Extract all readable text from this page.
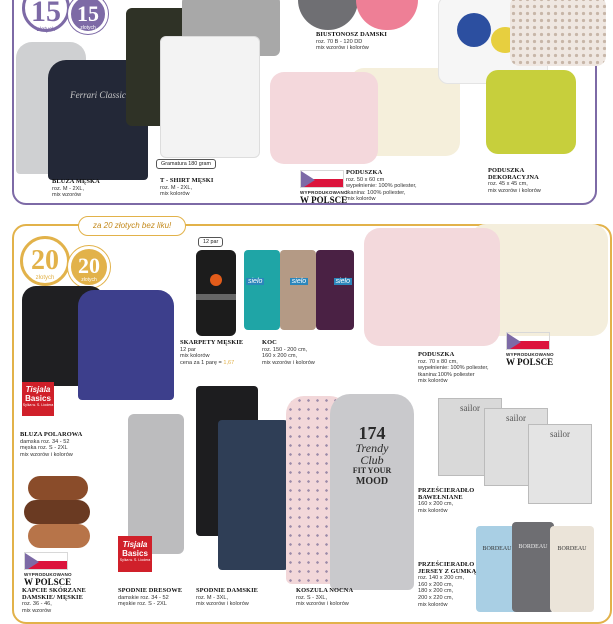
15
złotych
15
złotych
Ferrari Classic
BLUZA MĘSKA
roz. M - 2XL,
mix wzorów
Gramatura 180 gram
T - SHIRT MĘSKI
roz. M - 2XL,
mix kolorów
BIUSTONOSZ DAMSKI
roz. 70 B - 120 DD
mix wzorów i kolorów
WYPRODUKOWANO
W POLSCE
PODUSZKA
roz. 50 x 60 cm
wypełnienie: 100% poliester,
tkanina: 100% poliester,
mix kolorów
PODUSZKA DEKORACYJNA
roz. 45 x 45 cm,
mix wzorów i kolorów
za 20 złotych bez liku!
20
złotych	20
złotych
Tisjala
Basics
Sylka w. S. Liodera
BLUZA POLAROWA
damska roz. 34 - 52
męska roz. S - 2XL
mix wzorów i kolorów
WYPRODUKOWANO
W POLSCE
KAPCIE SKÓRZANE DAMSKIE/ MĘSKIE
roz. 36 - 46,
mix wzorów
Tisjala
Basics
Sylka w. S. Liodera
SPODNIE DRESOWE
damskie roz. 34 - 52
męskie roz. S - 2XL
SPODNIE DAMSKIE
roz. M - 3XL,
mix wzorów i kolorów
12 par
SKARPETY MĘSKIE
12 par
mix kolorów
cena za 1 parę = 1,67
sielo	sielo	sielo
KOC
roz. 150 - 200 cm,
160 x 200 cm,
mix wzorów i kolorów
WYPRODUKOWANO
W POLSCE
PODUSZKA
roz. 70 x 80 cm,
wypełnienie: 100% poliester,
tkanina:100% poliester
mix kolorów
174
Trendy
Club
FIT YOUR
MOOD
KOSZULA NOCNA
roz. S - 3XL,
mix wzorów i kolorów
sailor
sailor
sailor
PRZEŚCIERADŁO BAWEŁNIANE
160 x 200 cm,
mix kolorów
BORDEAU	BORDEAU	BORDEAU
PRZEŚCIERADŁO JERSEY Z GUMKĄ
roz. 140 x 200 cm,
160 x 200 cm,
180 x 200 cm,
200 x 220 cm,
mix kolorów
